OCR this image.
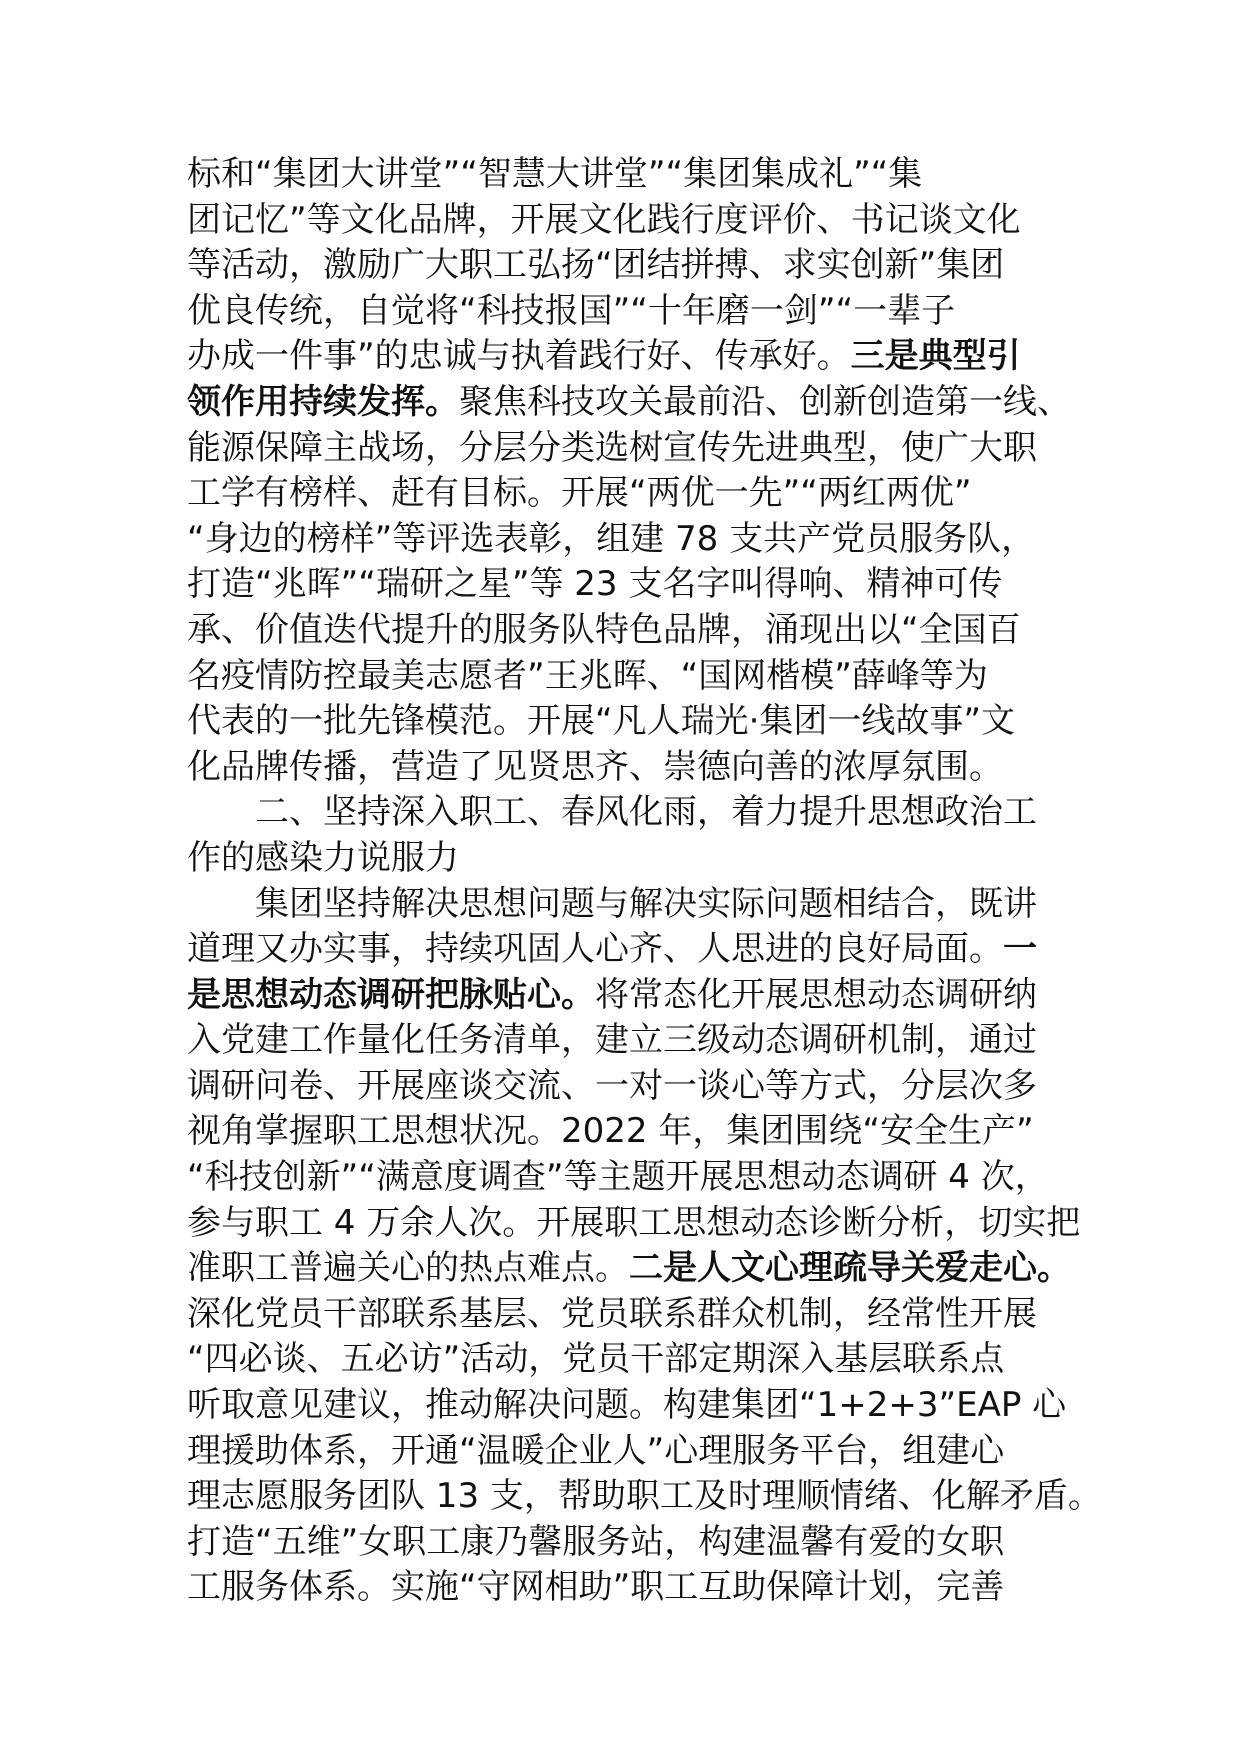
标和“集团大讲堂”“智慧大讲堂”“集团集成礼”“集
团记忆”等文化品牌，开展文化践行度评价、书记谈文化
等活动，激励广大职工弘扬“团结拼搏、求实创新”集团
优良传统，自觉将“科技报国”“十年磨一剑”“一辈子
办成一件事”的忠诚与执着践行好、传承好。三是典型引
领作用持续发挥。聚焦科技攻关最前沿、创新创造第一线、
能源保障主战场，分层分类选树宣传先进典型，使广大职
工学有榜样、赶有目标。开展“两优一先”“两红两优”
“身边的榜样”等评选表彰，组建 78 支共产党员服务队，
打造“兆晖”“瑞研之星”等 23 支名字叫得响、精神可传
承、价值迭代提升的服务队特色品牌，涌现出以“全国百
名疫情防控最美志愿者”王兆晖、“国网楷模”薛峰等为
代表的一批先锋模范。开展“凡人瑞光·集团一线故事”文
化品牌传播，营造了见贤思齐、崇德向善的浓厚氛围。
二、坚持深入职工、春风化雨，着力提升思想政治工
作的感染力说服力
集团坚持解决思想问题与解决实际问题相结合，既讲
道理又办实事，持续巩固人心齐、人思进的良好局面。一
是思想动态调研把脉贴心。将常态化开展思想动态调研纳
入党建工作量化任务清单，建立三级动态调研机制，通过
调研问卷、开展座谈交流、一对一谈心等方式，分层次多
视角掌握职工思想状况。2022 年，集团围绕“安全生产”
“科技创新”“满意度调查”等主题开展思想动态调研 4 次，
参与职工 4 万余人次。开展职工思想动态诊断分析，切实把
准职工普遍关心的热点难点。二是人文心理疏导关爱走心。
深化党员干部联系基层、党员联系群众机制，经常性开展
“四必谈、五必访”活动，党员干部定期深入基层联系点
听取意见建议，推动解决问题。构建集团“1+2+3”EAP 心
理援助体系，开通“温暖企业人”心理服务平台，组建心
理志愿服务团队 13 支，帮助职工及时理顺情绪、化解矛盾。
打造“五维”女职工康乃馨服务站，构建温馨有爱的女职
工服务体系。实施“守网相助”职工互助保障计划，完善
